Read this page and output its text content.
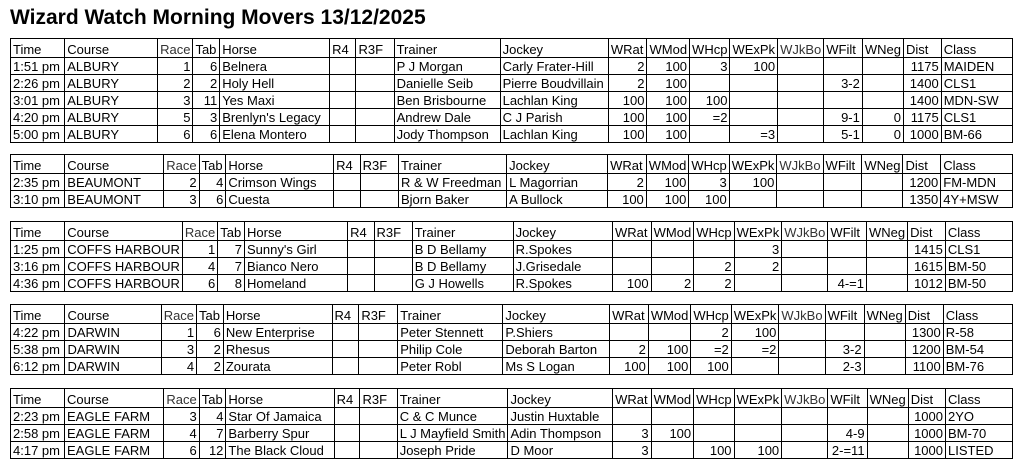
Wizard Watch Morning Movers 13/12/2025
Time	Course	Race	Tab	Horse	R4	R3F	Trainer	Jockey	WRat	WMod	WHcp	WExPk	WJkBo	WFilt	WNeg	Dist	Class
1:51 pm	ALBURY	1	6	Belnera			P J Morgan	Carly Frater-Hill	2	100	3	100				1175	MAIDEN
2:26 pm	ALBURY	2	2	Holy Hell			Danielle Seib	Pierre Boudvillain	2	100				3-2		1400	CLS1
3:01 pm	ALBURY	3	11	Yes Maxi			Ben Brisbourne	Lachlan King	100	100	100					1400	MDN-SW
4:20 pm	ALBURY	5	3	Brenlyn's Legacy			Andrew Dale	C J Parish	100	100	=2			9-1	0	1175	CLS1
5:00 pm	ALBURY	6	6	Elena Montero			Jody Thompson	Lachlan King	100	100		=3		5-1	0	1000	BM-66
Time	Course	Race	Tab	Horse	R4	R3F	Trainer	Jockey	WRat	WMod	WHcp	WExPk	WJkBo	WFilt	WNeg	Dist	Class
2:35 pm	BEAUMONT	2	4	Crimson Wings			R & W Freedman	L Magorrian	2	100	3	100				1200	FM-MDN
3:10 pm	BEAUMONT	3	6	Cuesta			Bjorn Baker	A Bullock	100	100	100					1350	4Y+MSW
Time	Course	Race	Tab	Horse	R4	R3F	Trainer	Jockey	WRat	WMod	WHcp	WExPk	WJkBo	WFilt	WNeg	Dist	Class
1:25 pm	COFFS HARBOUR	1	7	Sunny's Girl			B D Bellamy	R.Spokes				3				1415	CLS1
3:16 pm	COFFS HARBOUR	4	7	Bianco Nero			B D Bellamy	J.Grisedale			2	2				1615	BM-50
4:36 pm	COFFS HARBOUR	6	8	Homeland			G J Howells	R.Spokes	100	2	2			4-=1		1012	BM-50
Time	Course	Race	Tab	Horse	R4	R3F	Trainer	Jockey	WRat	WMod	WHcp	WExPk	WJkBo	WFilt	WNeg	Dist	Class
4:22 pm	DARWIN	1	6	New Enterprise			Peter Stennett	P.Shiers			2	100				1300	R-58
5:38 pm	DARWIN	3	2	Rhesus			Philip Cole	Deborah Barton	2	100	=2	=2		3-2		1200	BM-54
6:12 pm	DARWIN	4	2	Zourata			Peter Robl	Ms S Logan	100	100	100			2-3		1100	BM-76
Time	Course	Race	Tab	Horse	R4	R3F	Trainer	Jockey	WRat	WMod	WHcp	WExPk	WJkBo	WFilt	WNeg	Dist	Class
2:23 pm	EAGLE FARM	3	4	Star Of Jamaica			C & C Munce	Justin Huxtable								1000	2YO
2:58 pm	EAGLE FARM	4	7	Barberry Spur			L J Mayfield Smith	Adin Thompson	3	100				4-9		1000	BM-70
4:17 pm	EAGLE FARM	6	12	The Black Cloud			Joseph Pride	D Moor	3		100	100		2-=11		1000	LISTED
